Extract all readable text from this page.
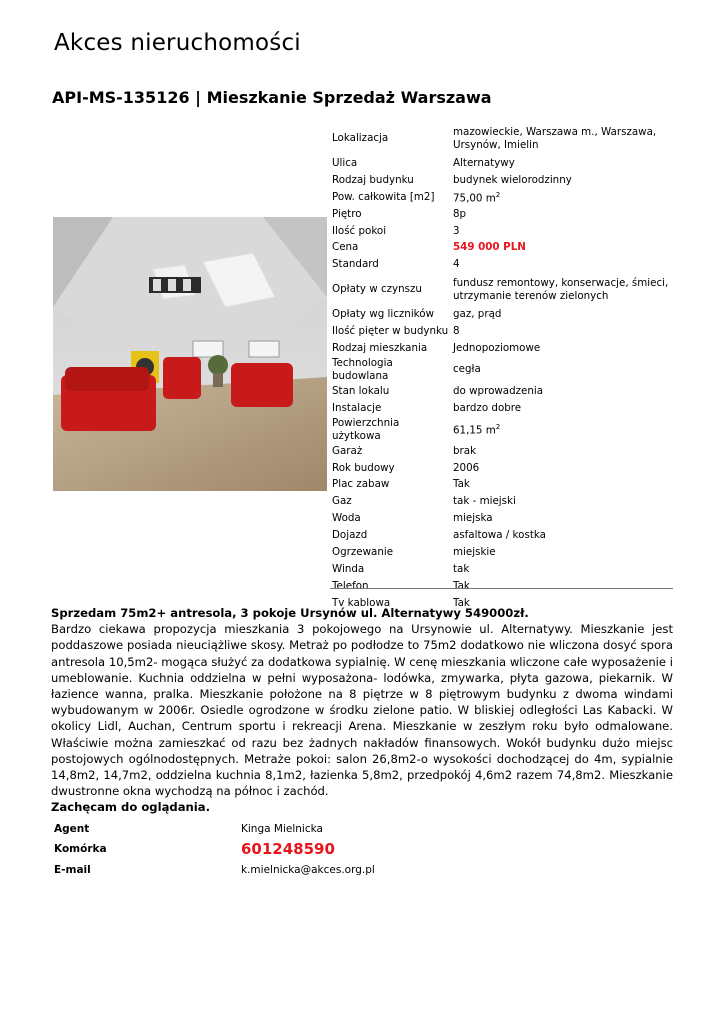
Akces nieruchomości
API-MS-135126 | Mieszkanie Sprzedaż Warszawa
Lokalizacja	mazowieckie, Warszawa m., Warszawa, Ursynów, Imielin
Ulica	Alternatywy
Rodzaj budynku	budynek wielorodzinny
Pow. całkowita [m2]	75,00 $m^2$
Piętro	8p
Ilość pokoi	3
Cena	549 000 PLN
Standard	4
Opłaty w czynszu	fundusz remontowy, konserwacje, śmieci, utrzymanie terenów zielonych
Opłaty wg liczników	gaz, prąd
Ilość pięter w budynku	8
Rodzaj mieszkania	Jednopoziomowe
Technologia budowlana	cegła
Stan lokalu	do wprowadzenia
Instalacje	bardzo dobre
Powierzchnia użytkowa	61,15 $m^2$
Garaż	brak
Rok budowy	2006
Plac zabaw	Tak
Gaz	tak - miejski
Woda	miejska
Dojazd	asfaltowa / kostka
Ogrzewanie	miejskie
Winda	tak
Telefon	Tak
Tv kablowa	Tak
Sprzedam 75m2+ antresola, 3 pokoje Ursynów ul. Alternatywy 549000zł.
Bardzo ciekawa propozycja mieszkania 3 pokojowego na Ursynowie ul. Alternatywy. Mieszkanie jest poddaszowe posiada nieuciążliwe skosy. Metraż po podłodze to 75m2 dodatkowo nie wliczona dosyć spora antresola 10,5m2- mogąca służyć za dodatkowa sypialnię. W cenę mieszkania wliczone całe wyposażenie i umeblowanie. Kuchnia oddzielna w pełni wyposażona- lodówka, zmywarka, płyta gazowa, piekarnik. W łazience wanna, pralka. Mieszkanie położone na 8 piętrze w 8 piętrowym budynku z dwoma windami wybudowanym w 2006r. Osiedle ogrodzone w środku zielone patio. W bliskiej odległości Las Kabacki. W okolicy Lidl, Auchan, Centrum sportu i rekreacji Arena. Mieszkanie w zeszłym roku było odmalowane. Właściwie można zamieszkać od razu bez żadnych nakładów finansowych. Wokół budynku dużo miejsc postojowych ogólnodostępnych. Metraże pokoi: salon 26,8m2-o wysokości dochodzącej do 4m, sypialnie 14,8m2, 14,7m2, oddzielna kuchnia 8,1m2, łazienka 5,8m2, przedpokój 4,6m2 razem 74,8m2. Mieszkanie dwustronne okna wychodzą na północ i zachód.
Zachęcam do oglądania.
Agent	Kinga Mielnicka
Komórka	601248590
E-mail	k.mielnicka@akces.org.pl
